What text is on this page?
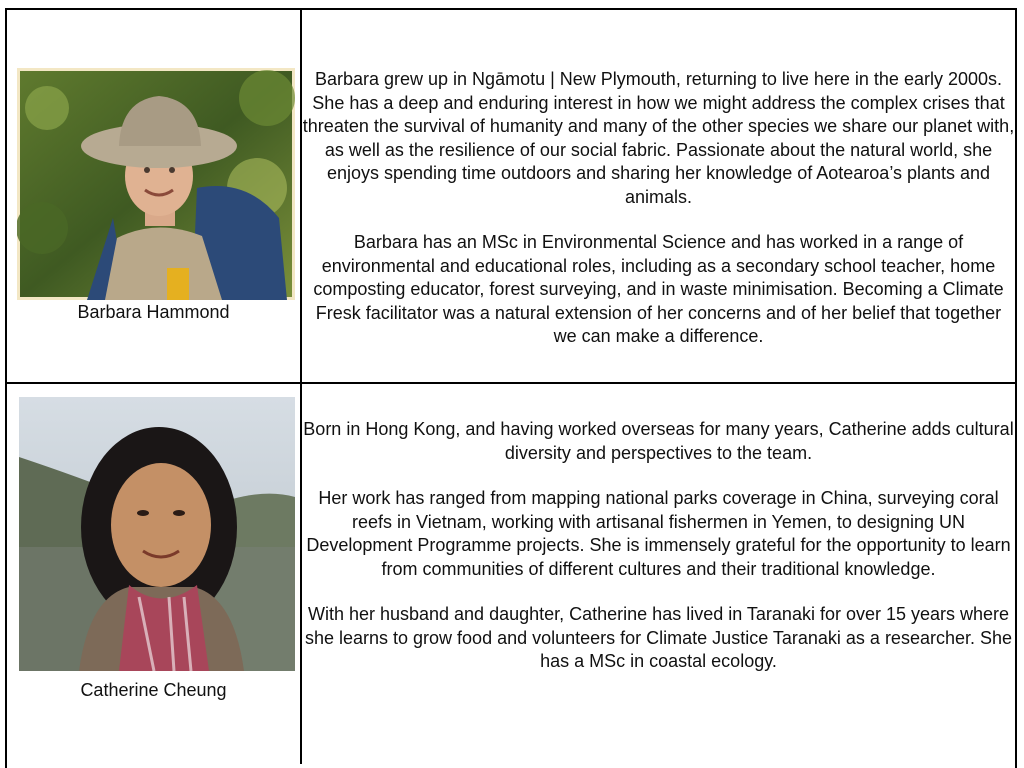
Barbara Hammond

Barbara grew up in Ngāmotu | New Plymouth, returning to live here in the early 2000s. She has a deep and enduring interest in how we might address the complex crises that threaten the survival of humanity and many of the other species we share our planet with, as well as the resilience of our social fabric. Passionate about the natural world, she enjoys spending time outdoors and sharing her knowledge of Aotearoa’s plants and animals.

Barbara has an MSc in Environmental Science and has worked in a range of environmental and educational roles, including as a secondary school teacher, home composting educator, forest surveying, and in waste minimisation. Becoming a Climate Fresk facilitator was a natural extension of her concerns and of her belief that together we can make a difference.

Catherine Cheung

Born in Hong Kong, and having worked overseas for many years, Catherine adds cultural diversity and perspectives to the team.

Her work has ranged from mapping national parks coverage in China, surveying coral reefs in Vietnam, working with artisanal fishermen in Yemen, to designing UN Development Programme projects. She is immensely grateful for the opportunity to learn from communities of different cultures and their traditional knowledge.

With her husband and daughter, Catherine has lived in Taranaki for over 15 years where she learns to grow food and volunteers for Climate Justice Taranaki as a researcher. She has a MSc in coastal ecology.
